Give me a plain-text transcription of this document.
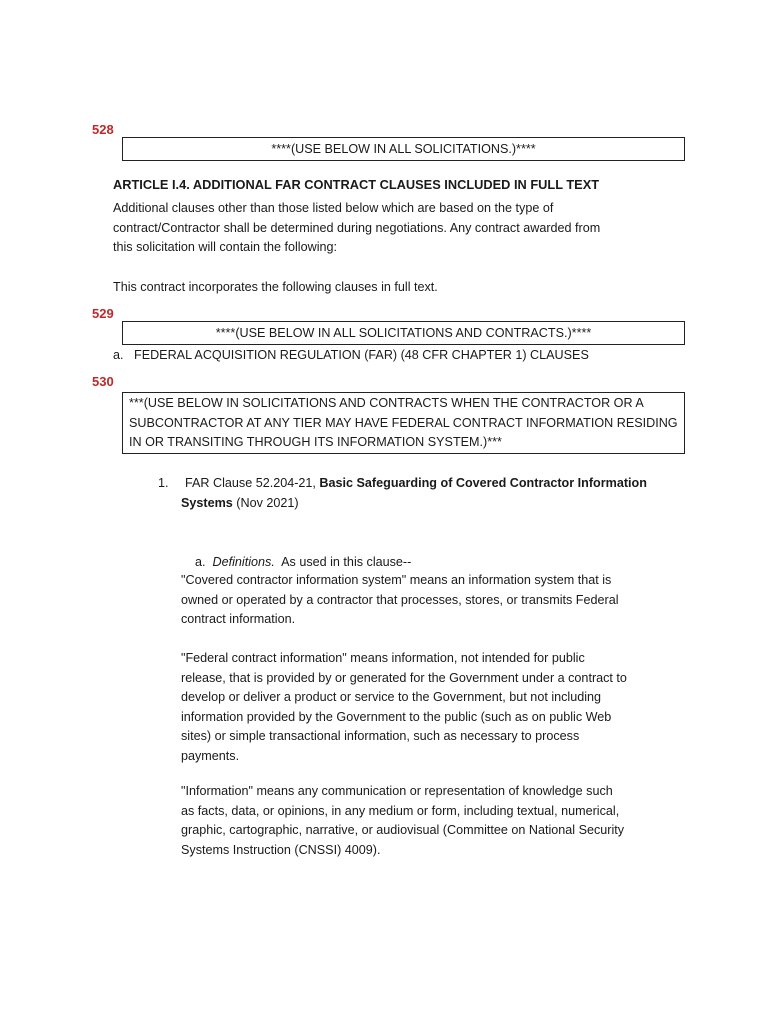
528
****(USE BELOW IN ALL SOLICITATIONS.)****
ARTICLE I.4. ADDITIONAL FAR CONTRACT CLAUSES INCLUDED IN FULL TEXT
Additional clauses other than those listed below which are based on the type of
contract/Contractor shall be determined during negotiations. Any contract awarded from
this solicitation will contain the following:
This contract incorporates the following clauses in full text.
529
****(USE BELOW IN ALL SOLICITATIONS AND CONTRACTS.)****
a.   FEDERAL ACQUISITION REGULATION (FAR) (48 CFR CHAPTER 1) CLAUSES
530
***(USE BELOW IN SOLICITATIONS AND CONTRACTS WHEN THE CONTRACTOR OR A
SUBCONTRACTOR AT ANY TIER MAY HAVE FEDERAL CONTRACT INFORMATION RESIDING
IN OR TRANSITING THROUGH ITS INFORMATION SYSTEM.)***
1. FAR Clause 52.204-21, Basic Safeguarding of Covered Contractor Information
Systems (Nov 2021)

a. Definitions.  As used in this clause--

"Covered contractor information system" means an information system that is
owned or operated by a contractor that processes, stores, or transmits Federal
contract information.
"Federal contract information" means information, not intended for public
release, that is provided by or generated for the Government under a contract to
develop or deliver a product or service to the Government, but not including
information provided by the Government to the public (such as on public Web
sites) or simple transactional information, such as necessary to process
payments.
"Information" means any communication or representation of knowledge such
as facts, data, or opinions, in any medium or form, including textual, numerical,
graphic, cartographic, narrative, or audiovisual (Committee on National Security
Systems Instruction (CNSSI) 4009).
